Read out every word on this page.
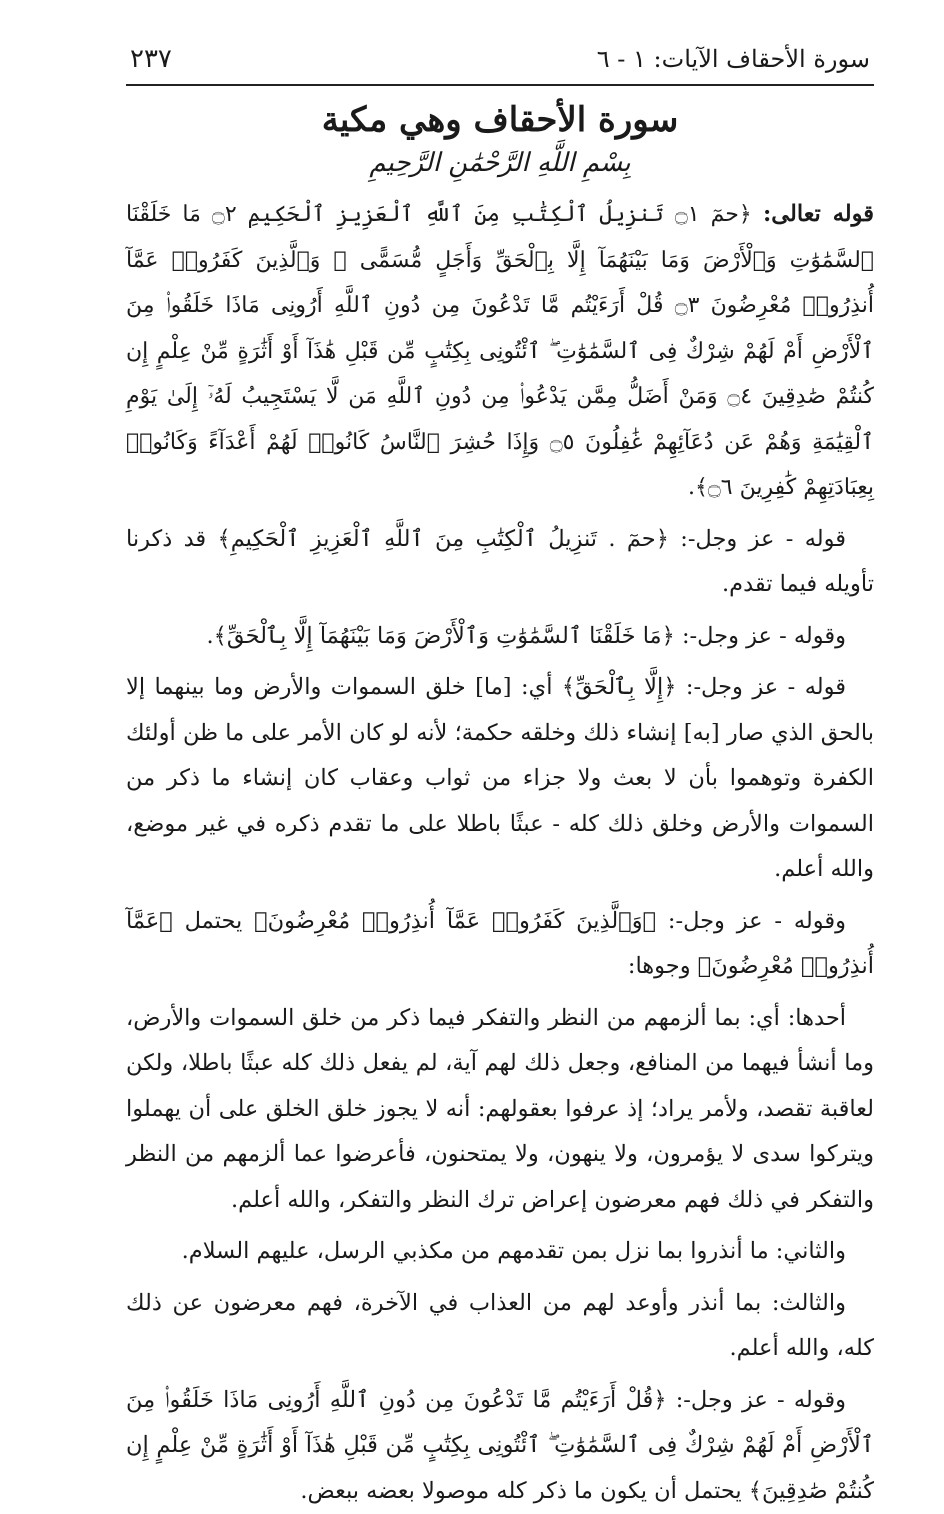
سورة الأحقاف الآيات: ١ - ٦
٢٣٧
سورة الأحقاف وهي مكية
بِسْمِ اللَّهِ الرَّحْمَٰنِ الرَّحِيمِ

قوله تعالى: ﴿حمٓ ۝١ تَنزِيلُ ٱلْكِتَٰبِ مِنَ ٱللَّهِ ٱلْعَزِيزِ ٱلْحَكِيمِ ۝٢ مَا خَلَقْنَا ٱلسَّمَٰوَٰتِ وَٱلْأَرْضَ وَمَا بَيْنَهُمَآ إِلَّا بِٱلْحَقِّ وَأَجَلٍ مُّسَمًّى ۚ وَٱلَّذِينَ كَفَرُوا۟ عَمَّآ أُنذِرُوا۟ مُعْرِضُونَ ۝٣ قُلْ أَرَءَيْتُم مَّا تَدْعُونَ مِن دُونِ ٱللَّهِ أَرُونِى مَاذَا خَلَقُوا۟ مِنَ ٱلْأَرْضِ أَمْ لَهُمْ شِرْكٌ فِى ٱلسَّمَٰوَٰتِ ۖ ٱئْتُونِى بِكِتَٰبٍ مِّن قَبْلِ هَٰذَآ أَوْ أَثَٰرَةٍ مِّنْ عِلْمٍ إِن كُنتُمْ صَٰدِقِينَ ۝٤ وَمَنْ أَضَلُّ مِمَّن يَدْعُوا۟ مِن دُونِ ٱللَّهِ مَن لَّا يَسْتَجِيبُ لَهُۥٓ إِلَىٰ يَوْمِ ٱلْقِيَٰمَةِ وَهُمْ عَن دُعَآئِهِمْ غَٰفِلُونَ ۝٥ وَإِذَا حُشِرَ ٱلنَّاسُ كَانُوا۟ لَهُمْ أَعْدَآءً وَكَانُوا۟ بِعِبَادَتِهِمْ كَٰفِرِينَ ۝٦﴾.

قوله - عز وجل-: ﴿حمٓ . تَنزِيلُ ٱلْكِتَٰبِ مِنَ ٱللَّهِ ٱلْعَزِيزِ ٱلْحَكِيمِ﴾ قد ذكرنا تأويله فيما تقدم.

وقوله - عز وجل-: ﴿مَا خَلَقْنَا ٱلسَّمَٰوَٰتِ وَٱلْأَرْضَ وَمَا بَيْنَهُمَآ إِلَّا بِٱلْحَقِّ﴾.

قوله - عز وجل-: ﴿إِلَّا بِٱلْحَقِّ﴾ أي: [ما] خلق السموات والأرض وما بينهما إلا بالحق الذي صار [به] إنشاء ذلك وخلقه حكمة؛ لأنه لو كان الأمر على ما ظن أولئك الكفرة وتوهموا بأن لا بعث ولا جزاء من ثواب وعقاب كان إنشاء ما ذكر من السموات والأرض وخلق ذلك كله - عبثًا باطلا على ما تقدم ذكره في غير موضع، والله أعلم.

وقوله - عز وجل-: ﴿وَٱلَّذِينَ كَفَرُوا۟ عَمَّآ أُنذِرُوا۟ مُعْرِضُونَ﴾ يحتمل ﴿عَمَّآ أُنذِرُوا۟ مُعْرِضُونَ﴾ وجوها:

أحدها: أي: بما ألزمهم من النظر والتفكر فيما ذكر من خلق السموات والأرض، وما أنشأ فيهما من المنافع، وجعل ذلك لهم آية، لم يفعل ذلك كله عبثًا باطلا، ولكن لعاقبة تقصد، ولأمر يراد؛ إذ عرفوا بعقولهم: أنه لا يجوز خلق الخلق على أن يهملوا ويتركوا سدى لا يؤمرون، ولا ينهون، ولا يمتحنون، فأعرضوا عما ألزمهم من النظر والتفكر في ذلك فهم معرضون إعراض ترك النظر والتفكر، والله أعلم.

والثاني: ما أنذروا بما نزل بمن تقدمهم من مكذبي الرسل، عليهم السلام.

والثالث: بما أنذر وأوعد لهم من العذاب في الآخرة، فهم معرضون عن ذلك كله، والله أعلم.

وقوله - عز وجل-: ﴿قُلْ أَرَءَيْتُم مَّا تَدْعُونَ مِن دُونِ ٱللَّهِ أَرُونِى مَاذَا خَلَقُوا۟ مِنَ ٱلْأَرْضِ أَمْ لَهُمْ شِرْكٌ فِى ٱلسَّمَٰوَٰتِ ۖ ٱئْتُونِى بِكِتَٰبٍ مِّن قَبْلِ هَٰذَآ أَوْ أَثَٰرَةٍ مِّنْ عِلْمٍ إِن كُنتُمْ صَٰدِقِينَ﴾ يحتمل أن يكون ما ذكر كله موصولا بعضه ببعض.
